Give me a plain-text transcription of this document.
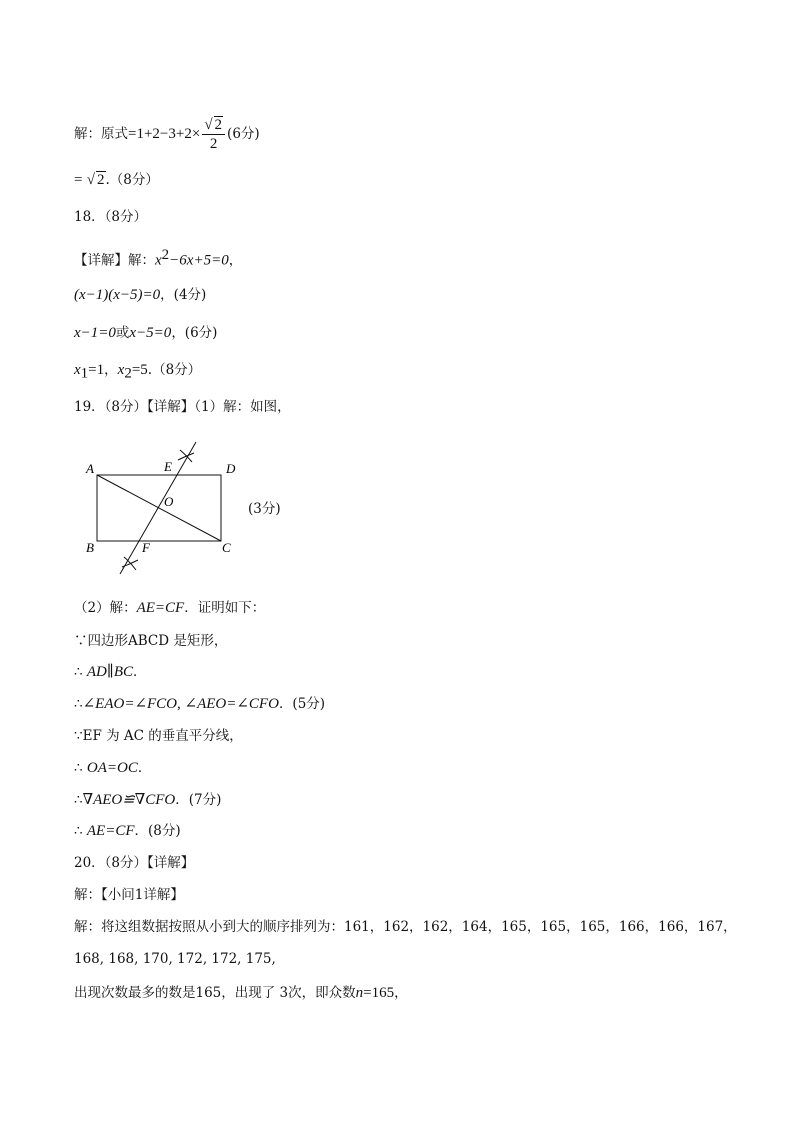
解：原式$=1+2-3+2\times \frac{√ 2}{2} (6$分)
= √ 2.（8分）
18．（8分）
【详解】解：$x^2-6x+5=0$，
(x−1)(x−5)=0，(4分)
x−1=0或x−5=0，(6分)
$x_1=1$，$x_2=5.(8$分）
19．（8分）【详解】（1）解：如图，
A	E	D
O
B	F	C
(3分)
（2）解：AE=CF．证明如下：
∵四边形ABCD 是矩形，
∴ AD∥BC．
∴∠EAO=∠FCO, ∠AEO=∠CFO．(5分)
∵EF 为 AC 的垂直平分线，
∴ OA=OC．
∴∇AEO≌∇CFO．(7分)
∴ AE=CF．(8分)
20．（8分）【详解】
解：【小问1详解】
解：将这组数据按照从小到大的顺序排列为：161，162，162，164，165，165，165，166，166，167，
168, 168, 170, 172, 172, 175,
出现次数最多的数是165，出现了 3次，即众数n=165，
